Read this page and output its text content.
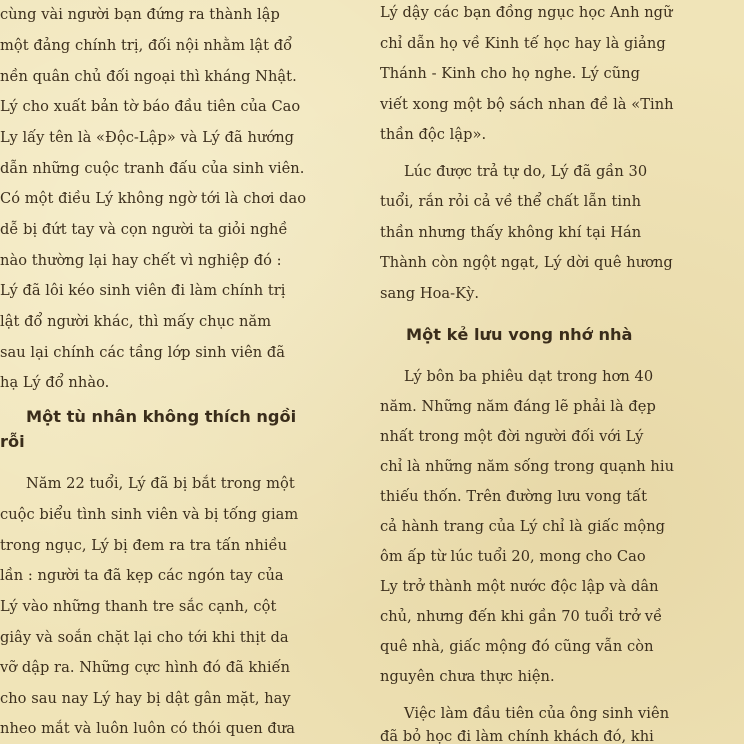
cùng vài người bạn đứng ra thành lập
một đảng chính trị, đối nội nhằm lật đổ
nền quân chủ đối ngoại thì kháng Nhật.
Lý cho xuất bản tờ báo đầu tiên của Cao
Ly lấy tên là «Độc-Lập» và Lý đã hướng
dẫn những cuộc tranh đấu của sinh viên.
Có một điều Lý không ngờ tới là chơi dao
dễ bị đứt tay và cọn người ta giỏi nghề
nào thường lại hay chết vì nghiệp đó :
Lý đã lôi kéo sinh viên đi làm chính trị
lật đổ người khác, thì mấy chục năm
sau lại chính các tầng lớp sinh viên đã
hạ Lý đổ nhào.
Một tù nhân không thích ngồi
rỗi
Năm 22 tuổi, Lý đã bị bắt trong một
cuộc biểu tình sinh viên và bị tống giam
trong ngục, Lý bị đem ra tra tấn nhiều
lần : người ta đã kẹp các ngón tay của
Lý vào những thanh tre sắc cạnh, cột
giây và soắn chặt lại cho tới khi thịt da
vỡ dập ra. Những cực hình đó đã khiến
cho sau nay Lý hay bị dật gân mặt, hay
nheo mắt và luôn luôn có thói quen đưa
Lý dậy các bạn đồng ngục học Anh ngữ
chỉ dẫn họ về Kinh tế học hay là giảng
Thánh - Kinh cho họ nghe. Lý cũng
viết xong một bộ sách nhan đề là «Tinh
thần độc lập».
Lúc được trả tự do, Lý đã gần 30
tuổi, rắn rỏi cả về thể chất lẫn tinh
thần nhưng thấy không khí tại Hán
Thành còn ngột ngạt, Lý dời quê hương
sang Hoa-Kỳ.
Một kẻ lưu vong nhớ nhà
Lý bôn ba phiêu dạt trong hơn 40
năm. Những năm đáng lẽ phải là đẹp
nhất trong một đời người đối với Lý
chỉ là những năm sống trong quạnh hiu
thiếu thốn. Trên đường lưu vong tất
cả hành trang của Lý chỉ là giấc mộng
ôm ấp từ lúc tuổi 20, mong cho Cao
Ly trở thành một nước độc lập và dân
chủ, nhưng đến khi gần 70 tuổi trở về
quê nhà, giấc mộng đó cũng vẫn còn
nguyên chưa thực hiện.
Việc làm đầu tiên của ông sinh viên
đã bỏ học đi làm chính khách đó, khi
